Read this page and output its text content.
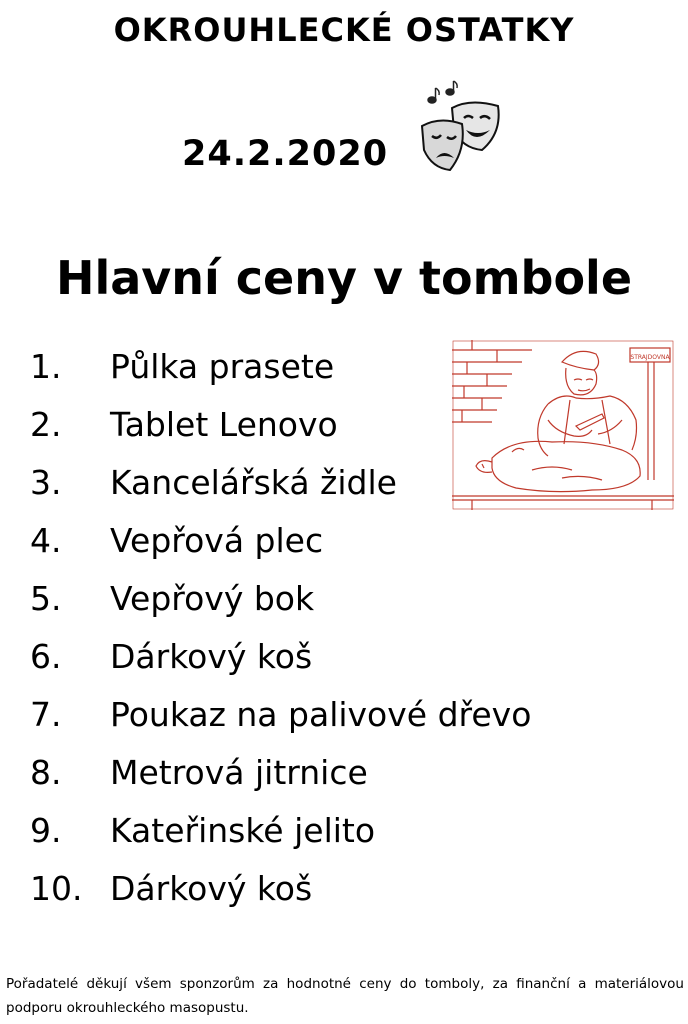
OKROUHLECKÉ OSTATKY
24.2.2020
Hlavní ceny v tombole
1. Půlka prasete
2. Tablet Lenovo
3. Kancelářská židle
4. Vepřová plec
5. Vepřový bok
6. Dárkový koš
7. Poukaz na palivové dřevo
8. Metrová jitrnice
9. Kateřinské jelito
10. Dárkový koš
STRAJDOVNA
Pořadatelé děkují všem sponzorům za hodnotné ceny do tomboly, za finanční a materiálovou podporu okrouhleckého masopustu.
